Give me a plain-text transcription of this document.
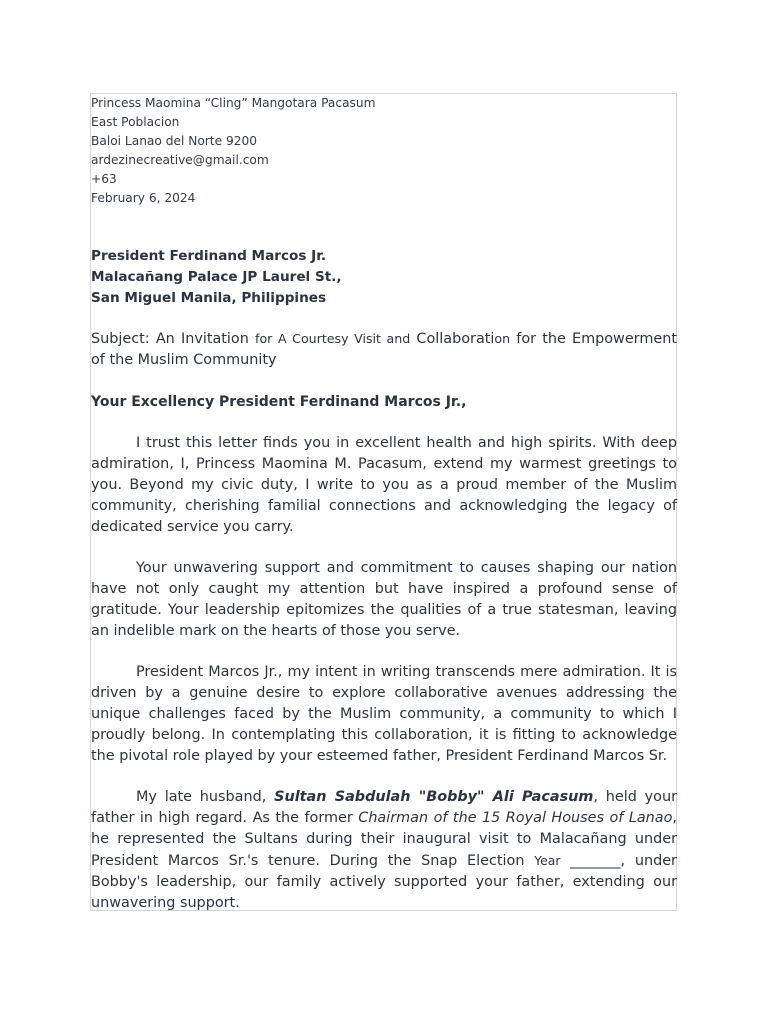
Princess Maomina “Cling” Mangotara Pacasum
East Poblacion
Baloi Lanao del Norte 9200
ardezinecreative@gmail.com
+63
February 6, 2024
President Ferdinand Marcos Jr.
Malacañang Palace JP Laurel St.,
San Miguel Manila, Philippines
Subject: An Invitation for A Courtesy Visit and Collaboration for the Empowerment of the Muslim Community
Your Excellency President Ferdinand Marcos Jr.,
I trust this letter finds you in excellent health and high spirits. With deep admiration, I, Princess Maomina M. Pacasum, extend my warmest greetings to you. Beyond my civic duty, I write to you as a proud member of the Muslim community, cherishing familial connections and acknowledging the legacy of dedicated service you carry.
Your unwavering support and commitment to causes shaping our nation have not only caught my attention but have inspired a profound sense of gratitude. Your leadership epitomizes the qualities of a true statesman, leaving an indelible mark on the hearts of those you serve.
President Marcos Jr., my intent in writing transcends mere admiration. It is driven by a genuine desire to explore collaborative avenues addressing the unique challenges faced by the Muslim community, a community to which I proudly belong. In contemplating this collaboration, it is fitting to acknowledge the pivotal role played by your esteemed father, President Ferdinand Marcos Sr.
My late husband, Sultan Sabdulah "Bobby" Ali Pacasum, held your father in high regard. As the former Chairman of the 15 Royal Houses of Lanao, he represented the Sultans during their inaugural visit to Malacañang under President Marcos Sr.'s tenure. During the Snap Election Year _______, under Bobby's leadership, our family actively supported your father, extending our unwavering support.
